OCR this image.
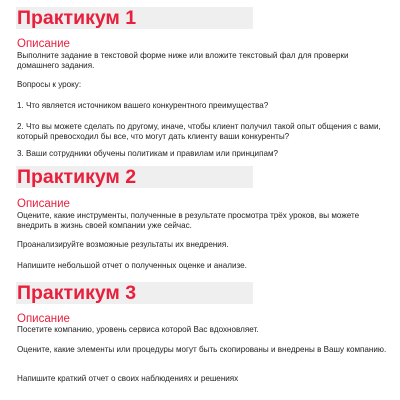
Практикум 1
Описание

Выполните задание в текстовой форме ниже или вложите текстовый фал для проверки домашнего задания.

Вопросы к уроку:

1. Что является источником вашего конкурентного преимущества?

2. Что вы можете сделать по другому, иначе, чтобы клиент получил такой опыт общения с вами, который превосходил бы все, что могут дать клиенту ваши конкуренты?

3. Ваши сотрудники обучены политикам и правилам или принципам?

Практикум 2
Описание

Оцените, какие инструменты, полученные в результате просмотра трёх уроков, вы можете внедрить в жизнь своей компании уже сейчас.

Проанализируйте возможные результаты их внедрения.

Напишите небольшой отчет о полученных оценке и анализе.

Практикум 3
Описание

Посетите компанию, уровень сервиса которой Вас вдохновляет.

Оцените, какие элементы или процедуры могут быть скопированы и внедрены в Вашу компанию.

Напишите краткий отчет о своих наблюдениях и решениях
